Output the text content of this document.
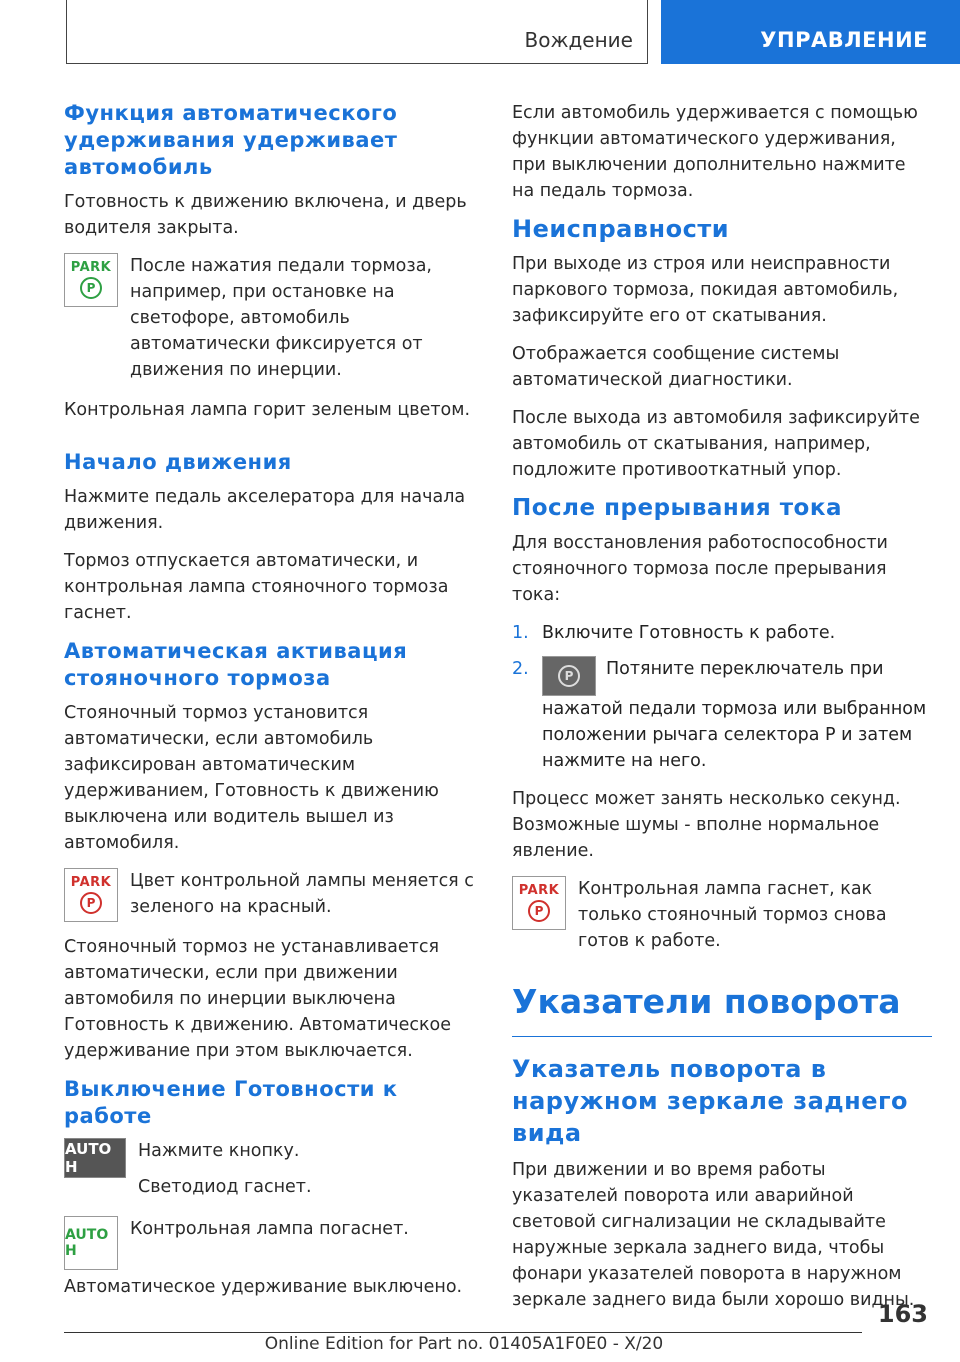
Вождение	УПРАВЛЕНИЕ
Функция автоматического удерживания удерживает автомобиль

Готовность к движению включена, и дверь водителя закрыта.

PARK
P

После нажатия педали тормоза, например, при остановке на светофоре, автомобиль автоматически фиксируется от движения по инерции.

Контрольная лампа горит зеленым цветом.

Начало движения

Нажмите педаль акселератора для начала движения.

Тормоз отпускается автоматически, и контрольная лампа стояночного тормоза гаснет.

Автоматическая активация стояночного тормоза

Стояночный тормоз установится автоматически, если автомобиль зафиксирован автоматическим удерживанием, Готовность к движению выключена или водитель вышел из автомобиля.

PARK
P

Цвет контрольной лампы меняется с зеленого на красный.

Стояночный тормоз не устанавливается автоматически, если при движении автомобиля по инерции выключена Готовность к движению. Автоматическое удерживание при этом выключается.

Выключение Готовности к работе
AUTO H

Нажмите кнопку.

Светодиод гаснет.

AUTO H

Контрольная лампа погаснет.

Автоматическое удерживание выключено.

Если автомобиль удерживается с помощью функции автоматического удерживания, при выключении дополнительно нажмите на педаль тормоза.

Неисправности

При выходе из строя или неисправности паркового тормоза, покидая автомобиль, зафиксируйте его от скатывания.

Отображается сообщение системы автоматической диагностики.

После выхода из автомобиля зафиксируйте автомобиль от скатывания, например, подложите противооткатный упор.

После прерывания тока

Для восстановления работоспособности стояночного тормоза после прерывания тока:

1. Включите Готовность к работе.
2.	P	Потяните переключатель при нажатой педали тормоза или выбранном положении рычага селектора P и затем нажмите на него.

Процесс может занять несколько секунд. Возможные шумы - вполне нормальное явление.

PARK
P

Контрольная лампа гаснет, как только стояночный тормоз снова готов к работе.

Указатели поворота
Указатель поворота в наружном зеркале заднего вида

При движении и во время работы указателей поворота или аварийной световой сигнализации не складывайте наружные зеркала заднего вида, чтобы фонари указателей поворота в наружном зеркале заднего вида были хорошо видны.

163
Online Edition for Part no. 01405A1F0E0 - X/20
